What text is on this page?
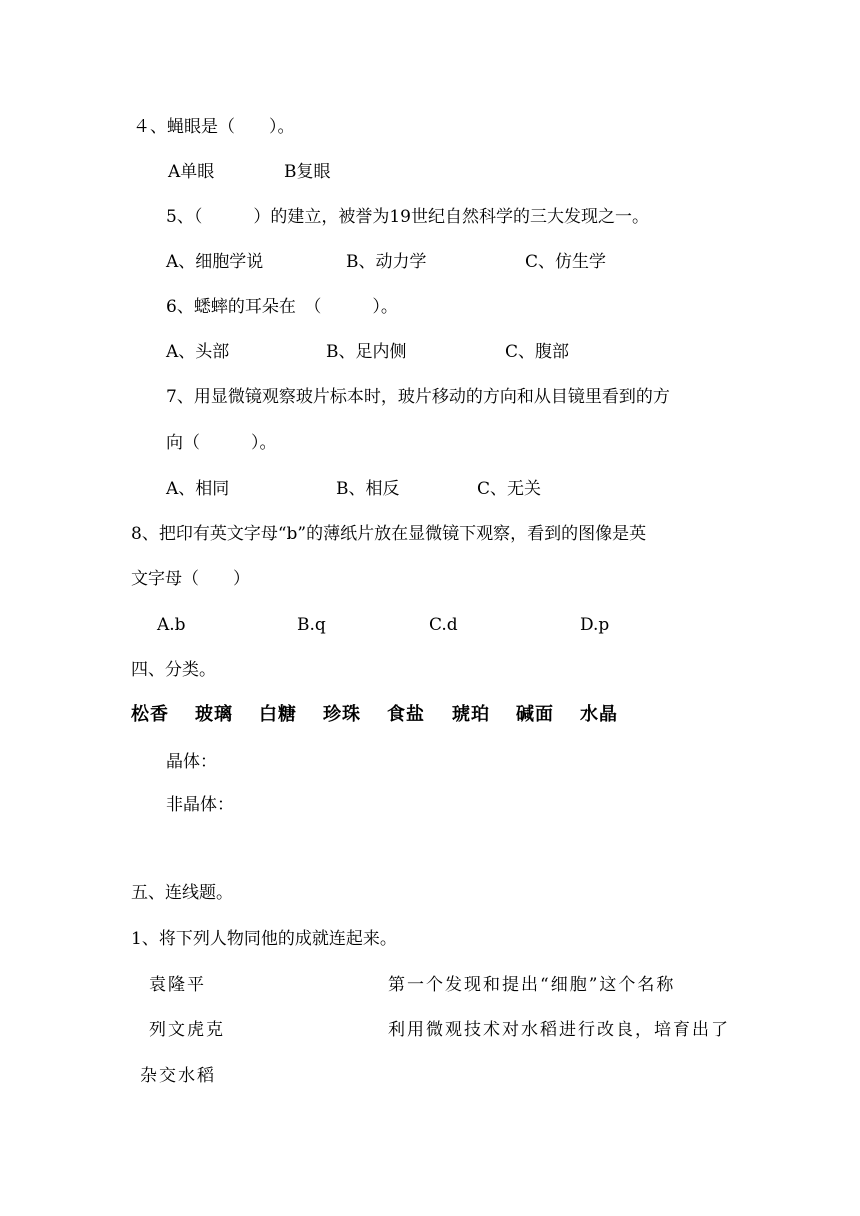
４、蝇眼是（　　）。
A单眼	B复眼
5、（　　　）的建立，被誉为19世纪自然科学的三大发现之一。
A、细胞学说	B、动力学	C、仿生学
6、蟋蟀的耳朵在　（　　　）。
A、头部	B、足内侧	C、腹部
7、用显微镜观察玻片标本时，玻片移动的方向和从目镜里看到的方
向（　　　）。
A、相同	B、相反	C、无关
8、把印有英文字母“b”的薄纸片放在显微镜下观察，看到的图像是英
文字母（　　）
A.b	B.q	C.d	D.p
四、分类。
松香 玻璃 白糖 珍珠 食盐 琥珀 碱面 水晶
晶体：
非晶体：
五、连线题。
1、将下列人物同他的成就连起来。
袁隆平	第一个发现和提出“细胞”这个名称
列文虎克	利用微观技术对水稻进行改良，培育出了
杂交水稻
